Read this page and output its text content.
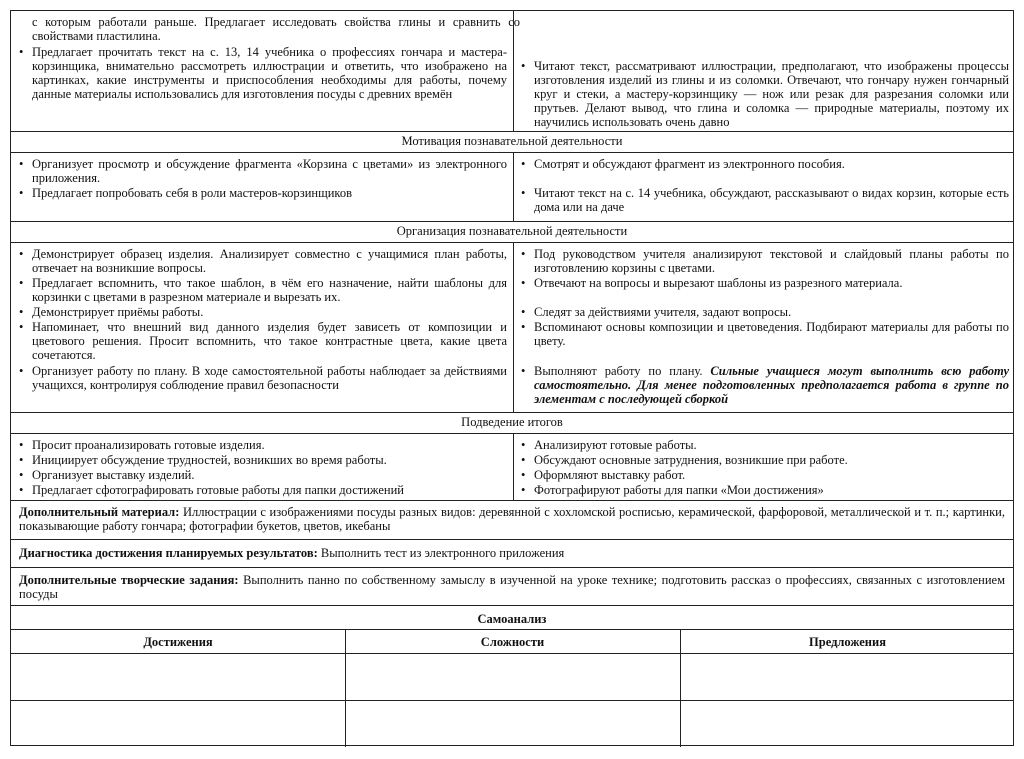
с которым работали раньше. Предлагает исследовать свойства глины и сравнить со свойствами пластилина.
• Предлагает прочитать текст на с. 13, 14 учебника о профессиях гончара и мастера-корзинщика, внимательно рассмотреть иллюстрации и ответить, что изображено на картинках, какие инструменты и приспособления необходимы для работы, почему данные материалы использовались для изготовления посуды с древних времён
• Читают текст, рассматривают иллюстрации, предполагают, что изображены процессы изготовления изделий из глины и из соломки. Отвечают, что гончару нужен гончарный круг и стеки, а мастеру-корзинщику — нож или резак для разрезания соломки или прутьев. Делают вывод, что глина и соломка — природные материалы, поэтому их научились использовать очень давно
Мотивация познавательной деятельности
• Организует просмотр и обсуждение фрагмента «Корзина с цветами» из электронного приложения.
• Предлагает попробовать себя в роли мастеров-корзинщиков
• Смотрят и обсуждают фрагмент из электронного пособия.
• Читают текст на с. 14 учебника, обсуждают, рассказывают о видах корзин, которые есть дома или на даче
Организация познавательной деятельности
• Демонстрирует образец изделия. Анализирует совместно с учащимися план работы, отвечает на возникшие вопросы.
• Предлагает вспомнить, что такое шаблон, в чём его назначение, найти шаблоны для корзинки с цветами в разрезном материале и вырезать их.
• Демонстрирует приёмы работы.
• Напоминает, что внешний вид данного изделия будет зависеть от композиции и цветового решения. Просит вспомнить, что такое контрастные цвета, какие цвета сочетаются.
• Организует работу по плану. В ходе самостоятельной работы наблюдает за действиями учащихся, контролируя соблюдение правил безопасности
• Под руководством учителя анализируют текстовой и слайдовый планы работы по изготовлению корзины с цветами.
• Отвечают на вопросы и вырезают шаблоны из разрезного материала.
• Следят за действиями учителя, задают вопросы.
• Вспоминают основы композиции и цветоведения. Подбирают материалы для работы по цвету.
• Выполняют работу по плану. Сильные учащиеся могут выполнить всю работу самостоятельно. Для менее подготовленных предполагается работа в группе по элементам с последующей сборкой
Подведение итогов
• Просит проанализировать готовые изделия.
• Инициирует обсуждение трудностей, возникших во время работы.
• Организует выставку изделий.
• Предлагает сфотографировать готовые работы для папки достижений
• Анализируют готовые работы.
• Обсуждают основные затруднения, возникшие при работе.
• Оформляют выставку работ.
• Фотографируют работы для папки «Мои достижения»
Дополнительный материал: Иллюстрации с изображениями посуды разных видов: деревянной с хохломской росписью, керамической, фарфоровой, металлической и т. п.; картинки, показывающие работу гончара; фотографии букетов, цветов, икебаны
Диагностика достижения планируемых результатов: Выполнить тест из электронного приложения
Дополнительные творческие задания: Выполнить панно по собственному замыслу в изученной на уроке технике; подготовить рассказ о профессиях, связанных с изготовлением посуды
Самоанализ
Достижения	Сложности	Предложения
